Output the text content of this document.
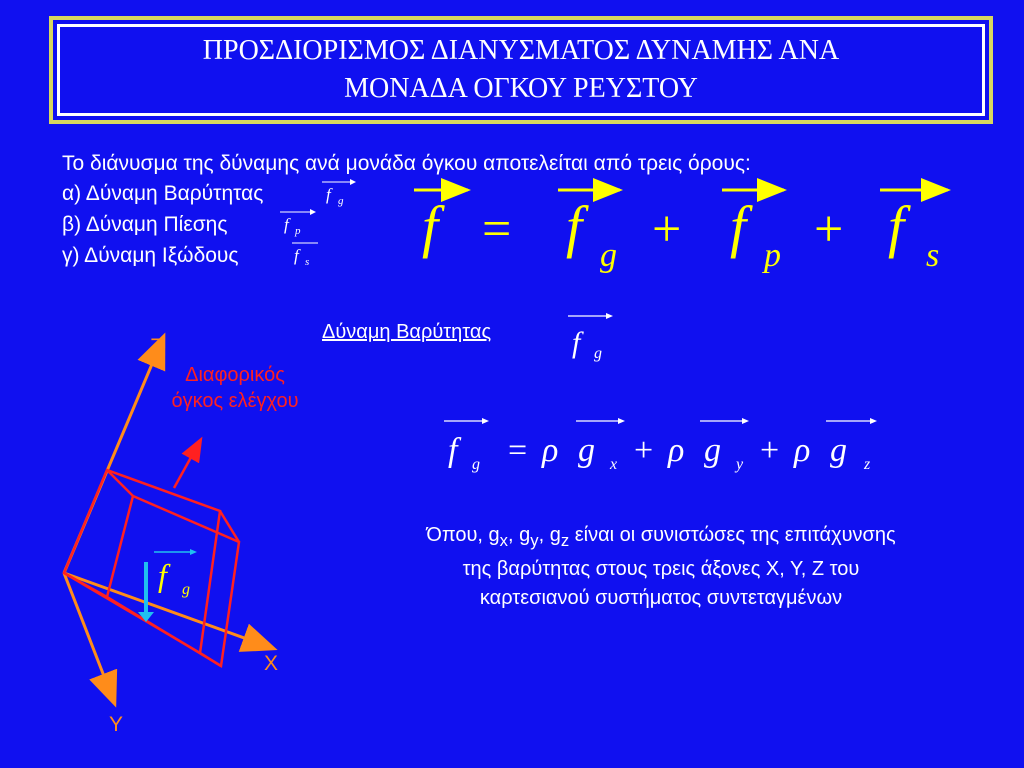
ΠΡΟΣΔΙΟΡΙΣΜΟΣ ΔΙΑΝΥΣΜΑΤΟΣ ΔΥΝΑΜΗΣ ΑΝΑ ΜΟΝΑΔΑ ΟΓΚΟΥ ΡΕΥΣΤΟΥ
Το διάνυσμα της δύναμης ανά μονάδα όγκου αποτελείται από τρεις όρους:
α) Δύναμη Βαρύτητας
β) Δύναμη Πίεσης
γ) Δύναμη Ιξώδους
f g
f p
f s
f = f g + f p + f s
Δύναμη Βαρύτητας	f g
f g = ρ g x + ρ g y + ρ g z
f g
Z
X
Y
Διαφορικός όγκος ελέγχου
Όπου, $g_x$, $g_y$, $g_z$ είναι οι συνιστώσες της επιτάχυνσης της βαρύτητας στους τρεις άξονες X, Y, Z του καρτεσιανού συστήματος συντεταγμένων
